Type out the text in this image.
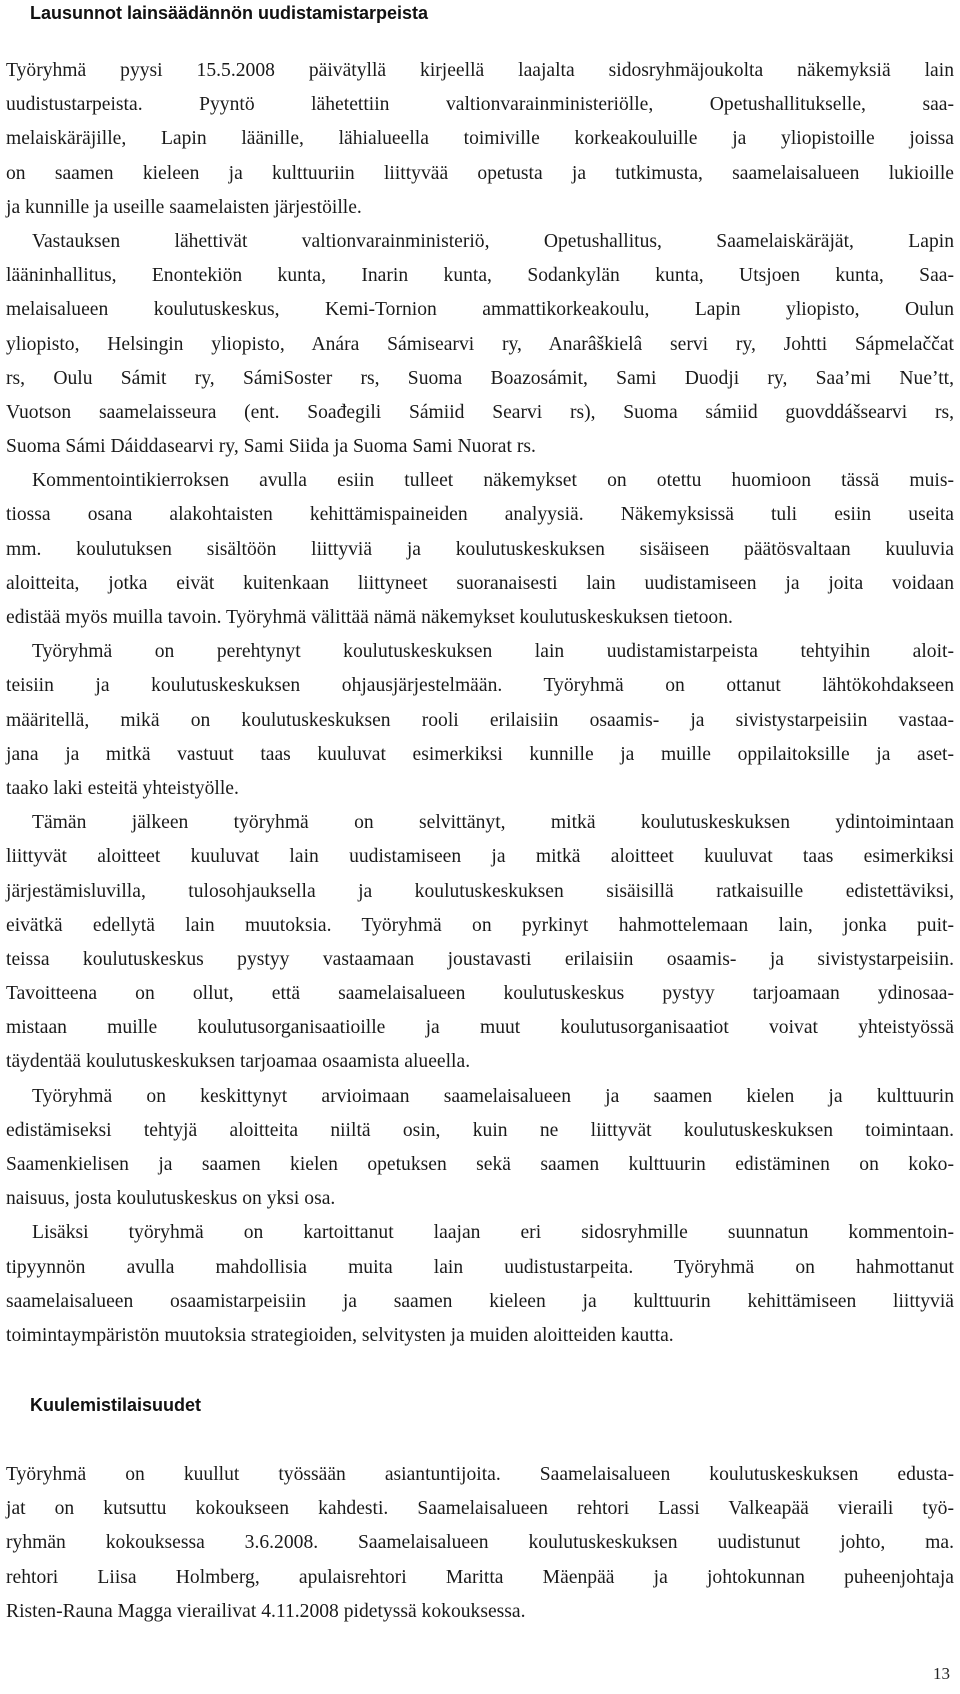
Lausunnot lainsäädännön uudistamistarpeista
Työryhmä pyysi 15.5.2008 päivätyllä kirjeellä laajalta sidosryhmäjoukolta näkemyksiä lain
uudistustarpeista. Pyyntö lähetettiin valtionvarainministeriölle, Opetushallitukselle, saa-
melaiskäräjille, Lapin läänille, lähialueella toimiville korkeakouluille ja yliopistoille joissa
on saamen kieleen ja kulttuuriin liittyvää opetusta ja tutkimusta, saamelaisalueen lukioille
ja kunnille ja useille saamelaisten järjestöille.
Vastauksen lähettivät valtionvarainministeriö, Opetushallitus, Saamelaiskäräjät, Lapin
lääninhallitus, Enontekiön kunta, Inarin kunta, Sodankylän kunta, Utsjoen kunta, Saa-
melaisalueen koulutuskeskus, Kemi-Tornion ammattikorkeakoulu, Lapin yliopisto, Oulun
yliopisto, Helsingin yliopisto, Anára Sámisearvi ry, Anarâškielâ servi ry, Johtti Sápmelaččat
rs, Oulu Sámit ry, SámiSoster rs, Suoma Boazosámit, Sami Duodji ry, Saa’mi Nue’tt,
Vuotson saamelaisseura (ent. Soađegili Sámiid Searvi rs), Suoma sámiid guovddášsearvi rs,
Suoma Sámi Dáiddasearvi ry, Sami Siida ja Suoma Sami Nuorat rs.
Kommentointikierroksen avulla esiin tulleet näkemykset on otettu huomioon tässä muis-
tiossa osana alakohtaisten kehittämispaineiden analyysiä. Näkemyksissä tuli esiin useita
mm. koulutuksen sisältöön liittyviä ja koulutuskeskuksen sisäiseen päätösvaltaan kuuluvia
aloitteita, jotka eivät kuitenkaan liittyneet suoranaisesti lain uudistamiseen ja joita voidaan
edistää myös muilla tavoin. Työryhmä välittää nämä näkemykset koulutuskeskuksen tietoon.
Työryhmä on perehtynyt koulutuskeskuksen lain uudistamistarpeista tehtyihin aloit-
teisiin ja koulutuskeskuksen ohjausjärjestelmään. Työryhmä on ottanut lähtökohdakseen
määritellä, mikä on koulutuskeskuksen rooli erilaisiin osaamis- ja sivistystarpeisiin vastaa-
jana ja mitkä vastuut taas kuuluvat esimerkiksi kunnille ja muille oppilaitoksille ja aset-
taako laki esteitä yhteistyölle.
Tämän jälkeen työryhmä on selvittänyt, mitkä koulutuskeskuksen ydintoimintaan
liittyvät aloitteet kuuluvat lain uudistamiseen ja mitkä aloitteet kuuluvat taas esimerkiksi
järjestämisluvilla, tulosohjauksella ja koulutuskeskuksen sisäisillä ratkaisuille edistettäviksi,
eivätkä edellytä lain muutoksia. Työryhmä on pyrkinyt hahmottelemaan lain, jonka puit-
teissa koulutuskeskus pystyy vastaamaan joustavasti erilaisiin osaamis- ja sivistystarpeisiin.
Tavoitteena on ollut, että saamelaisalueen koulutuskeskus pystyy tarjoamaan ydinosaa-
mistaan muille koulutusorganisaatioille ja muut koulutusorganisaatiot voivat yhteistyössä
täydentää koulutuskeskuksen tarjoamaa osaamista alueella.
Työryhmä on keskittynyt arvioimaan saamelaisalueen ja saamen kielen ja kulttuurin
edistämiseksi tehtyjä aloitteita niiltä osin, kuin ne liittyvät koulutuskeskuksen toimintaan.
Saamenkielisen ja saamen kielen opetuksen sekä saamen kulttuurin edistäminen on koko-
naisuus, josta koulutuskeskus on yksi osa.
Lisäksi työryhmä on kartoittanut laajan eri sidosryhmille suunnatun kommentoin-
tipyynnön avulla mahdollisia muita lain uudistustarpeita. Työryhmä on hahmottanut
saamelaisalueen osaamistarpeisiin ja saamen kieleen ja kulttuurin kehittämiseen liittyviä
toimintaympäristön muutoksia strategioiden, selvitysten ja muiden aloitteiden kautta.
Kuulemistilaisuudet
Työryhmä on kuullut työssään asiantuntijoita. Saamelaisalueen koulutuskeskuksen edusta-
jat on kutsuttu kokoukseen kahdesti. Saamelaisalueen rehtori Lassi Valkeapää vieraili työ-
ryhmän kokouksessa 3.6.2008. Saamelaisalueen koulutuskeskuksen uudistunut johto, ma.
rehtori Liisa Holmberg, apulaisrehtori Maritta Mäenpää ja johtokunnan puheenjohtaja
Risten-Rauna Magga vierailivat 4.11.2008 pidetyssä kokouksessa.
13
